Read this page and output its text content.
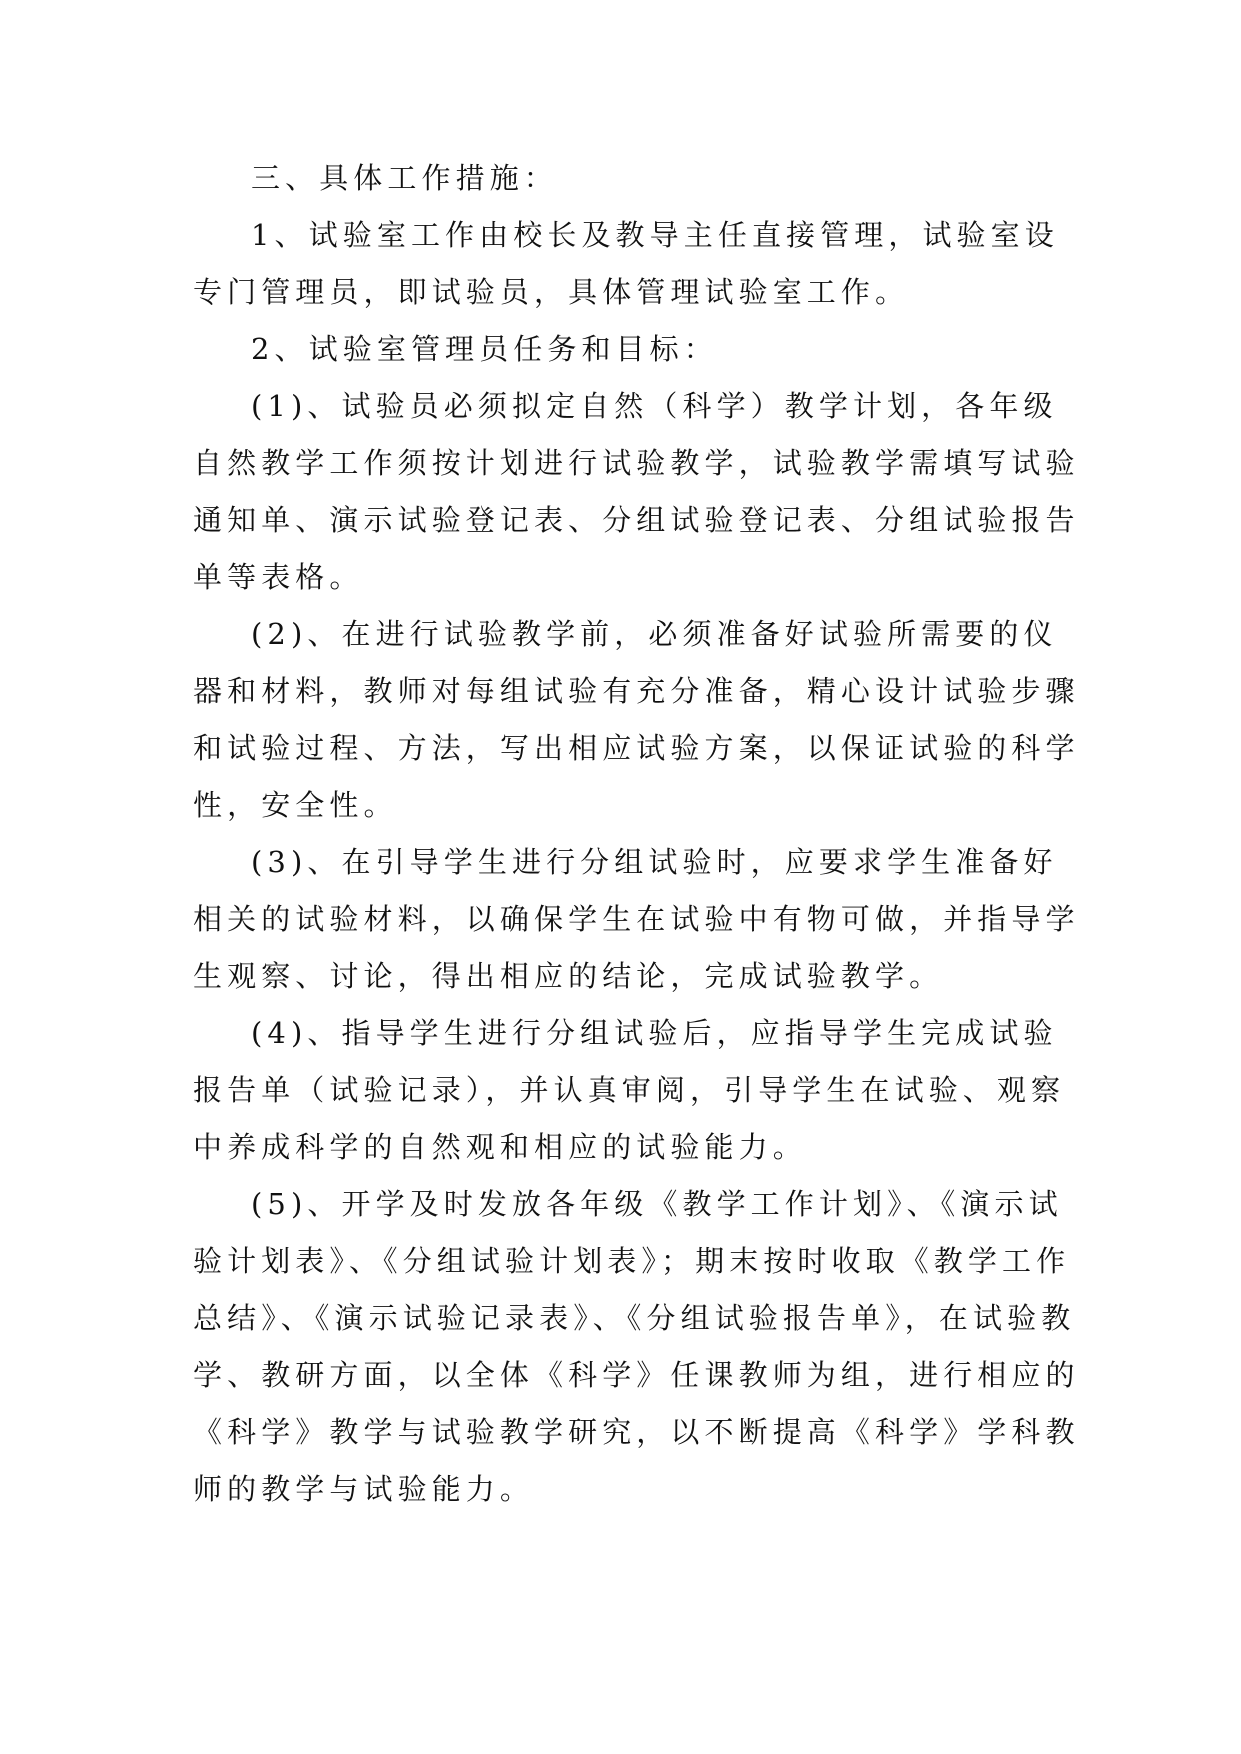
三、具体工作措施：

1、试验室工作由校长及教导主任直接管理，试验室设
专门管理员，即试验员，具体管理试验室工作。

2、试验室管理员任务和目标：

(1)、试验员必须拟定自然（科学）教学计划，各年级
自然教学工作须按计划进行试验教学，试验教学需填写试验
通知单、演示试验登记表、分组试验登记表、分组试验报告
单等表格。

(2)、在进行试验教学前，必须准备好试验所需要的仪
器和材料，教师对每组试验有充分准备，精心设计试验步骤
和试验过程、方法，写出相应试验方案，以保证试验的科学
性，安全性。

(3)、在引导学生进行分组试验时，应要求学生准备好
相关的试验材料，以确保学生在试验中有物可做，并指导学
生观察、讨论，得出相应的结论，完成试验教学。

(4)、指导学生进行分组试验后，应指导学生完成试验
报告单（试验记录），并认真审阅，引导学生在试验、观察
中养成科学的自然观和相应的试验能力。

(5)、开学及时发放各年级《教学工作计划》、《演示试
验计划表》、《分组试验计划表》；期末按时收取《教学工作
总结》、《演示试验记录表》、《分组试验报告单》，在试验教
学、教研方面，以全体《科学》任课教师为组，进行相应的
《科学》教学与试验教学研究，以不断提高《科学》学科教
师的教学与试验能力。
